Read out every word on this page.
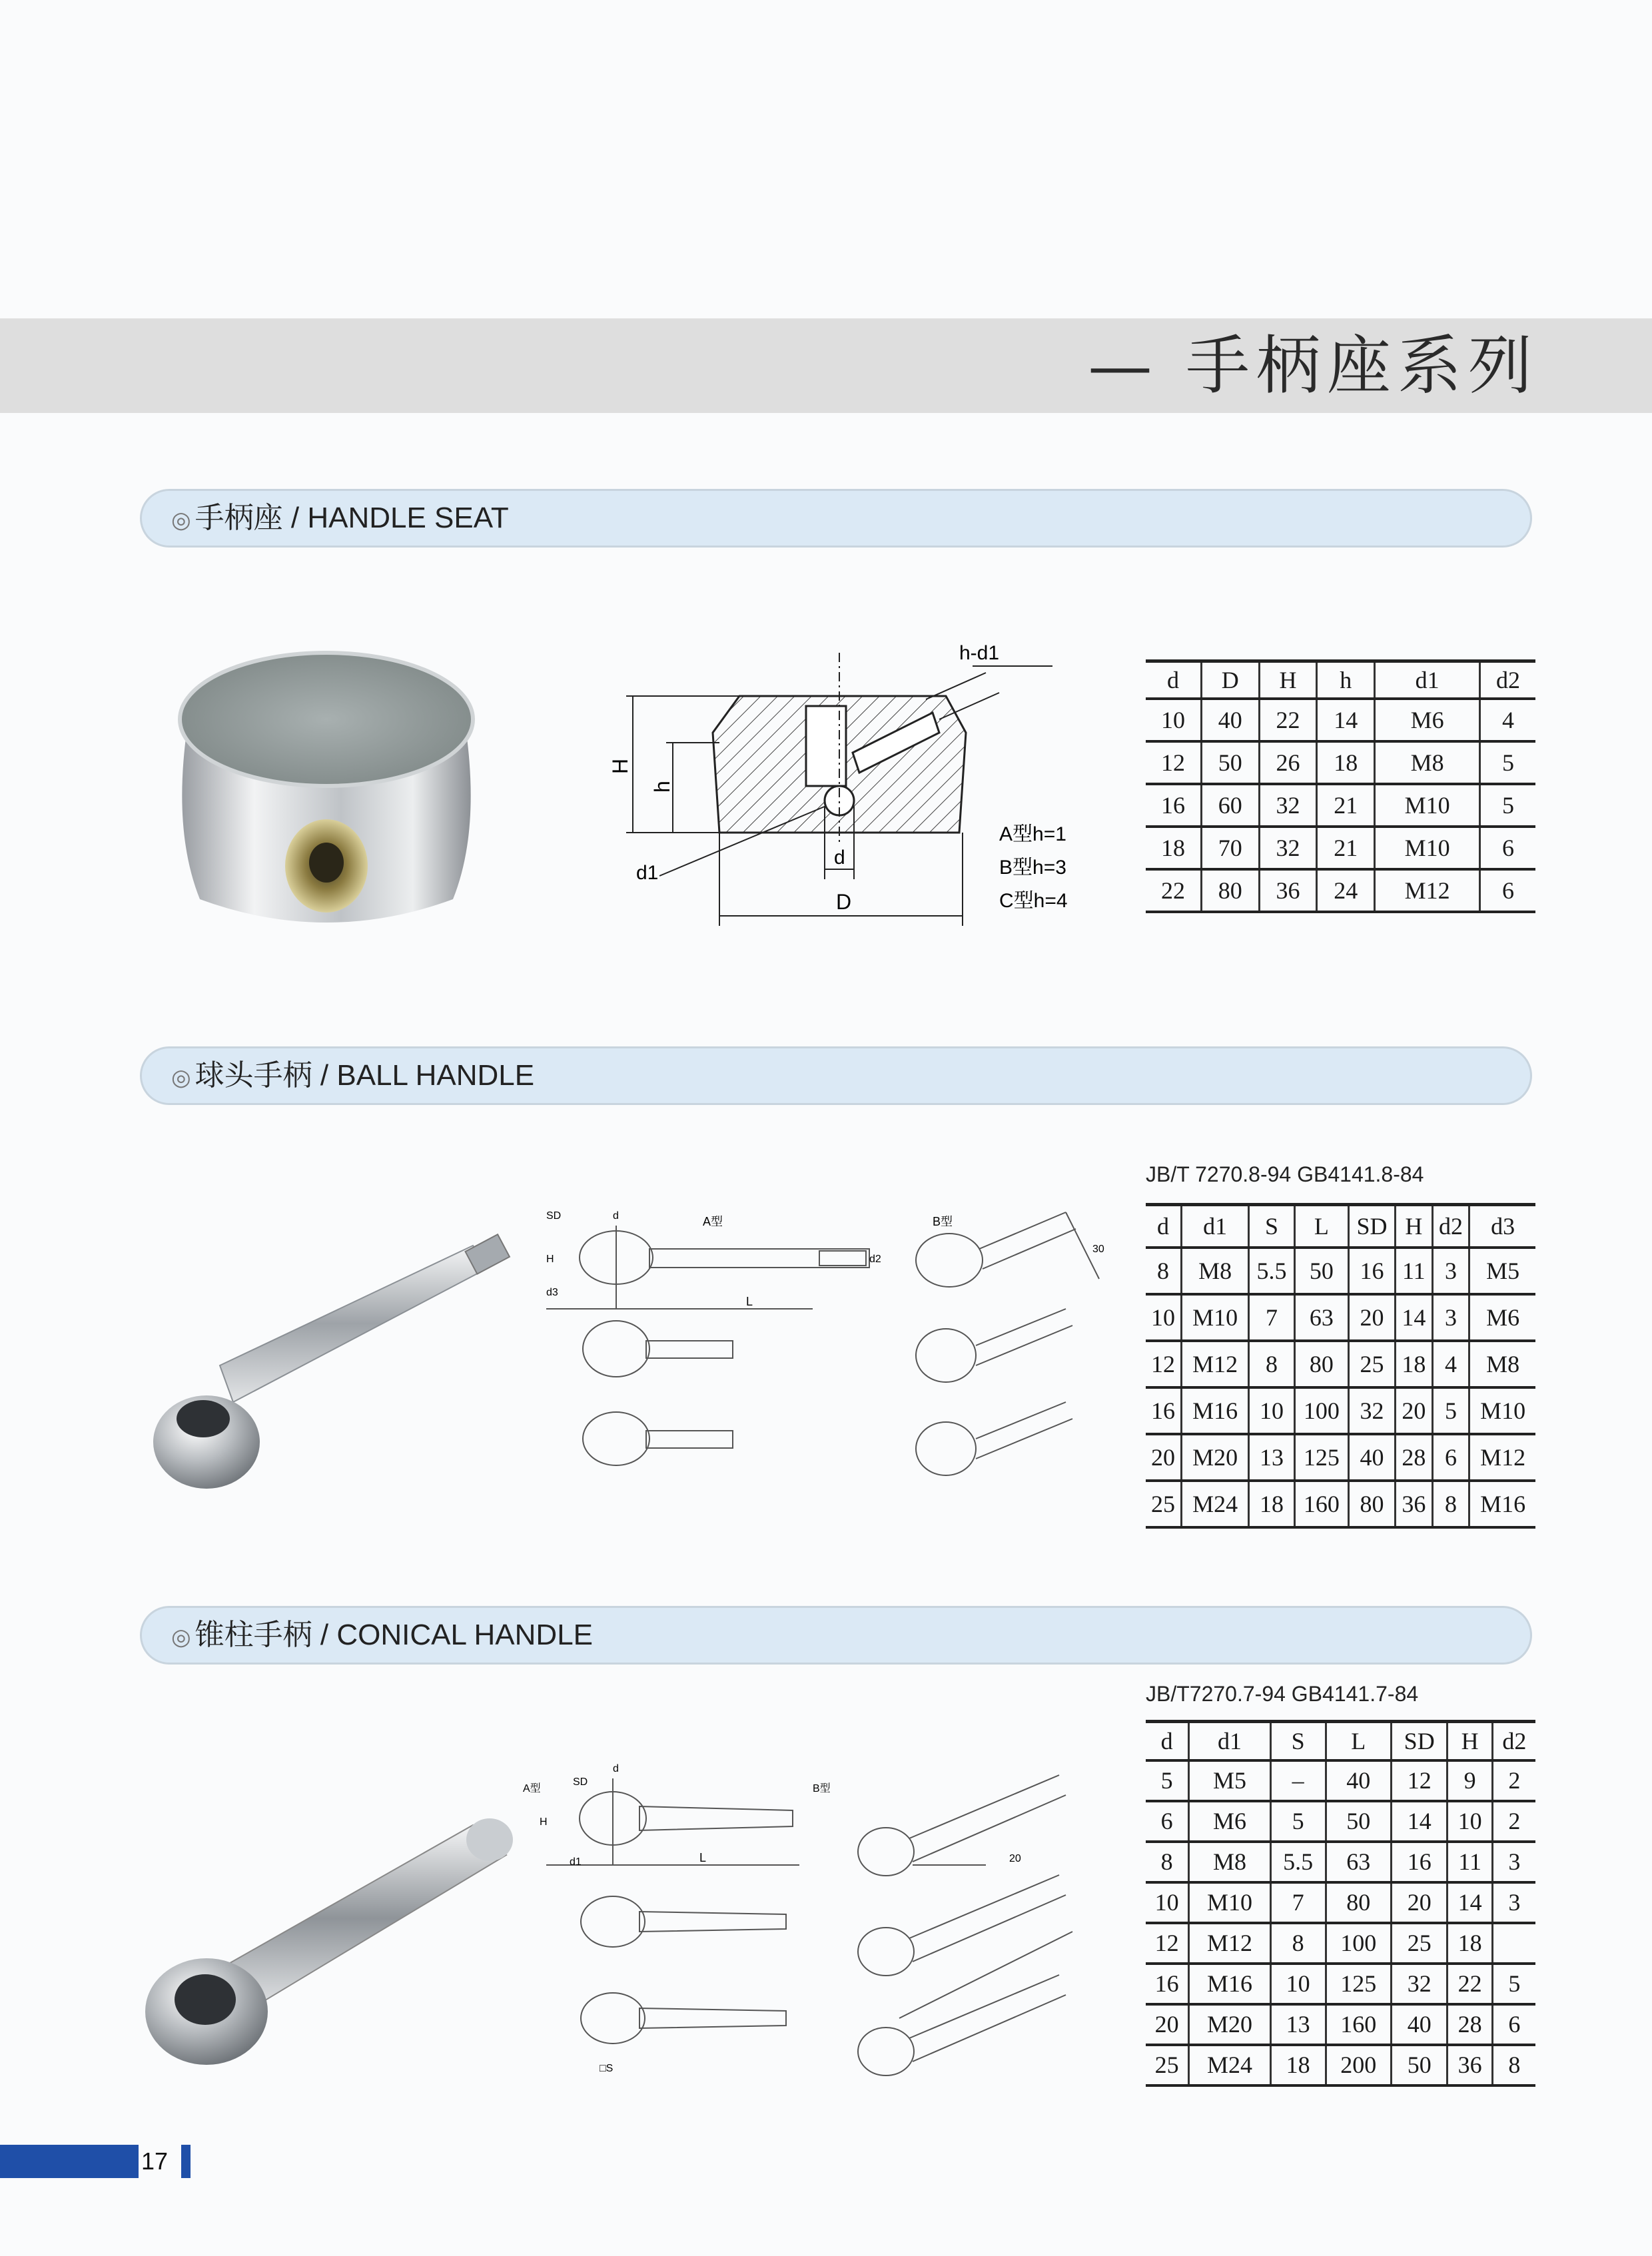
— 手柄座系列
◎ 手柄座 / HANDLE SEAT
h-d1
H
h
d1
d
D
A型h=1
B型h=3
C型h=4
d	D	H	h	d1	d2
10	40	22	14	M6	4
12	50	26	18	M8	5
16	60	32	21	M10	5
18	70	32	21	M10	6
22	80	36	24	M12	6
◎ 球头手柄 / BALL HANDLE
A型	B型
SD	d
L
H	d2
d3
30
JB/T 7270.8-94 GB4141.8-84
d	d1	S	L	SD	H	d2	d3
8	M8	5.5	50	16	11	3	M5
10	M10	7	63	20	14	3	M6
12	M12	8	80	25	18	4	M8
16	M16	10	100	32	20	5	M10
20	M20	13	125	40	28	6	M12
25	M24	18	160	80	36	8	M16
◎ 锥柱手柄 / CONICAL HANDLE
A型	B型
SD
d
L
H
d1	20
□S
JB/T7270.7-94 GB4141.7-84
d	d1	S	L	SD	H	d2
5	M5	–	40	12	9	2
6	M6	5	50	14	10	2
8	M8	5.5	63	16	11	3
10	M10	7	80	20	14	3
12	M12	8	100	25	18	
16	M16	10	125	32	22	5
20	M20	13	160	40	28	6
25	M24	18	200	50	36	8
17
